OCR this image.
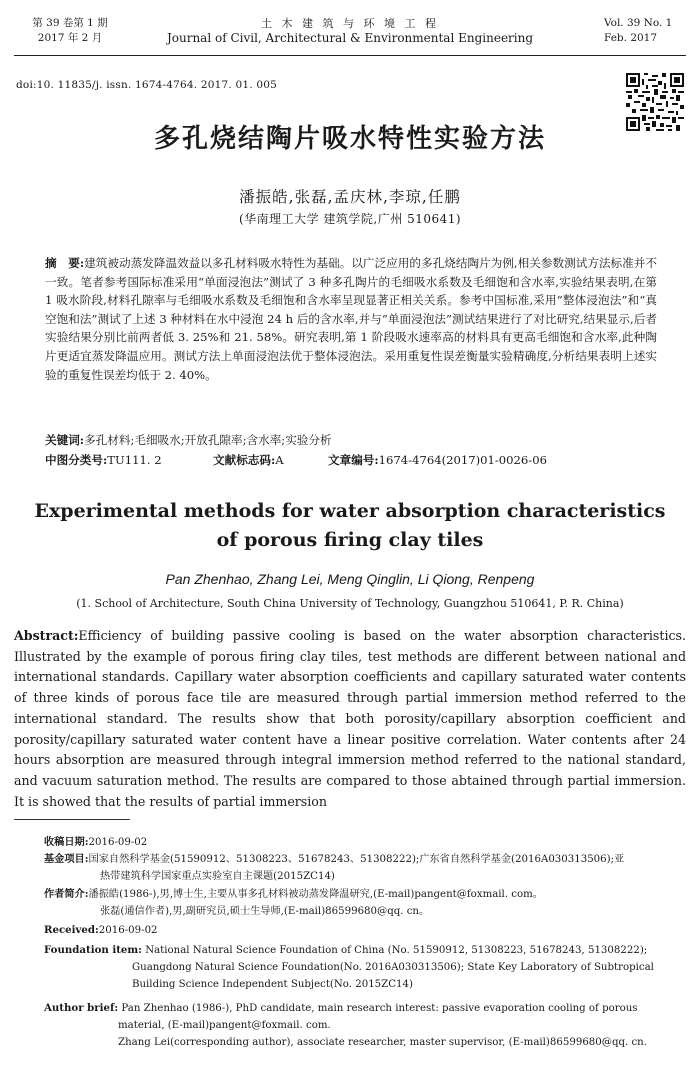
第 39 卷第 1 期
2017 年 2 月
土 木 建 筑 与 环 境 工 程
Journal of Civil, Architectural & Environmental Engineering
Vol. 39 No. 1
Feb. 2017
doi:10. 11835/j. issn. 1674-4764. 2017. 01. 005
多孔烧结陶片吸水特性实验方法
潘振皓,张磊,孟庆林,李琼,任鹏
(华南理工大学 建筑学院,广州 510641)
摘　要:建筑被动蒸发降温效益以多孔材料吸水特性为基础。以广泛应用的多孔烧结陶片为例,相关参数测试方法标准并不一致。笔者参考国际标准采用“单面浸泡法”测试了 3 种多孔陶片的毛细吸水系数及毛细饱和含水率,实验结果表明,在第 1 吸水阶段,材料孔隙率与毛细吸水系数及毛细饱和含水率呈现显著正相关关系。参考中国标准,采用“整体浸泡法”和“真空饱和法”测试了上述 3 种材料在水中浸泡 24 h 后的含水率,并与“单面浸泡法”测试结果进行了对比研究,结果显示,后者实验结果分别比前两者低 3. 25%和 21. 58%。研究表明,第 1 阶段吸水速率高的材料具有更高毛细饱和含水率,此种陶片更适宜蒸发降温应用。测试方法上单面浸泡法优于整体浸泡法。采用重复性误差衡量实验精确度,分析结果表明上述实验的重复性误差均低于 2. 40%。
关键词:多孔材料;毛细吸水;开放孔隙率;含水率;实验分析
中图分类号:TU111. 2	文献标志码:A	文章编号:1674-4764(2017)01-0026-06
Experimental methods for water absorption characteristics
of porous firing clay tiles
Pan Zhenhao, Zhang Lei, Meng Qinglin, Li Qiong, Renpeng
(1. School of Architecture, South China University of Technology, Guangzhou 510641, P. R. China)
Abstract:Efficiency of building passive cooling is based on the water absorption characteristics. Illustrated by the example of porous firing clay tiles, test methods are different between national and international standards. Capillary water absorption coefficients and capillary saturated water contents of three kinds of porous face tile are measured through partial immersion method referred to the international standard. The results show that both porosity/capillary absorption coefficient and porosity/capillary saturated water content have a linear positive correlation. Water contents after 24 hours absorption are measured through integral immersion method referred to the national standard, and vacuum saturation method. The results are compared to those abtained through partial immersion. It is showed that the results of partial immersion
收稿日期:2016-09-02
基金项目:国家自然科学基金(51590912、51308223、51678243、51308222);广东省自然科学基金(2016A030313506);亚
热带建筑科学国家重点实验室自主课题(2015ZC14)
作者简介:潘振皓(1986-),男,博士生,主要从事多孔材料被动蒸发降温研究,(E-mail)pangent@foxmail. com。
张磊(通信作者),男,副研究员,硕士生导师,(E-mail)86599680@qq. cn。
Received:2016-09-02
Foundation item: National Natural Science Foundation of China (No. 51590912, 51308223, 51678243, 51308222);
Guangdong Natural Science Foundation(No. 2016A030313506); State Key Laboratory of Subtropical
Building Science Independent Subject(No. 2015ZC14)
Author brief: Pan Zhenhao (1986-), PhD candidate, main research interest: passive evaporation cooling of porous
material, (E-mail)pangent@foxmail. com.
Zhang Lei(corresponding author), associate researcher, master supervisor, (E-mail)86599680@qq. cn.
